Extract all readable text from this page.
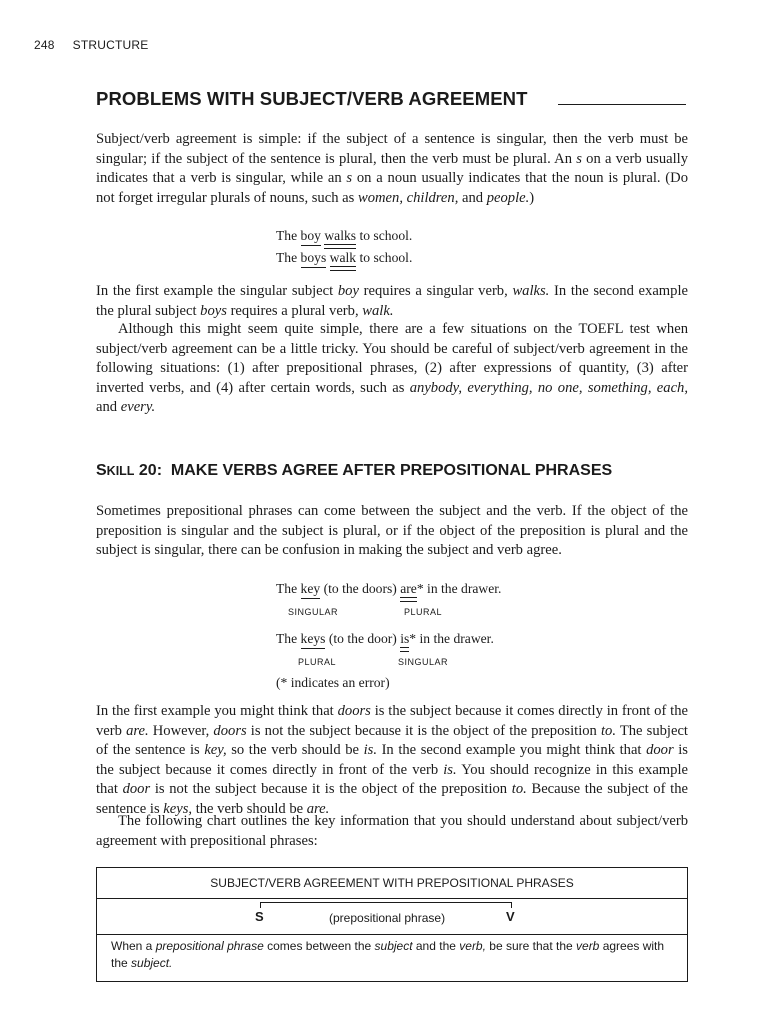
248 STRUCTURE
PROBLEMS WITH SUBJECT/VERB AGREEMENT

Subject/verb agreement is simple: if the subject of a sentence is singular, then the verb must be singular; if the subject of the sentence is plural, then the verb must be plural. An s on a verb usually indicates that a verb is singular, while an s on a noun usually indicates that the noun is plural. (Do not forget irregular plurals of nouns, such as women, children, and people.)

The boy walks to school.
The boys walk to school.

In the first example the singular subject boy requires a singular verb, walks. In the second example the plural subject boys requires a plural verb, walk.

Although this might seem quite simple, there are a few situations on the TOEFL test when subject/verb agreement can be a little tricky. You should be careful of subject/verb agreement in the following situations: (1) after prepositional phrases, (2) after expressions of quantity, (3) after inverted verbs, and (4) after certain words, such as anybody, everything, no one, something, each, and every.

SKILL 20: MAKE VERBS AGREE AFTER PREPOSITIONAL PHRASES

Sometimes prepositional phrases can come between the subject and the verb. If the object of the preposition is singular and the subject is plural, or if the object of the preposition is plural and the subject is singular, there can be confusion in making the subject and verb agree.

The key (to the doors) are* in the drawer.
SINGULAR	PLURAL
The keys (to the door) is* in the drawer.
PLURAL	SINGULAR
(* indicates an error)

In the first example you might think that doors is the subject because it comes directly in front of the verb are. However, doors is not the subject because it is the object of the preposition to. The subject of the sentence is key, so the verb should be is. In the second example you might think that door is the subject because it comes directly in front of the verb is. You should recognize in this example that door is not the subject because it is the object of the preposition to. Because the subject of the sentence is keys, the verb should be are.

The following chart outlines the key information that you should understand about subject/verb agreement with prepositional phrases:

SUBJECT/VERB AGREEMENT WITH PREPOSITIONAL PHRASES
S	(prepositional phrase)	V
When a prepositional phrase comes between the subject and the verb, be sure that the verb agrees with the subject.
